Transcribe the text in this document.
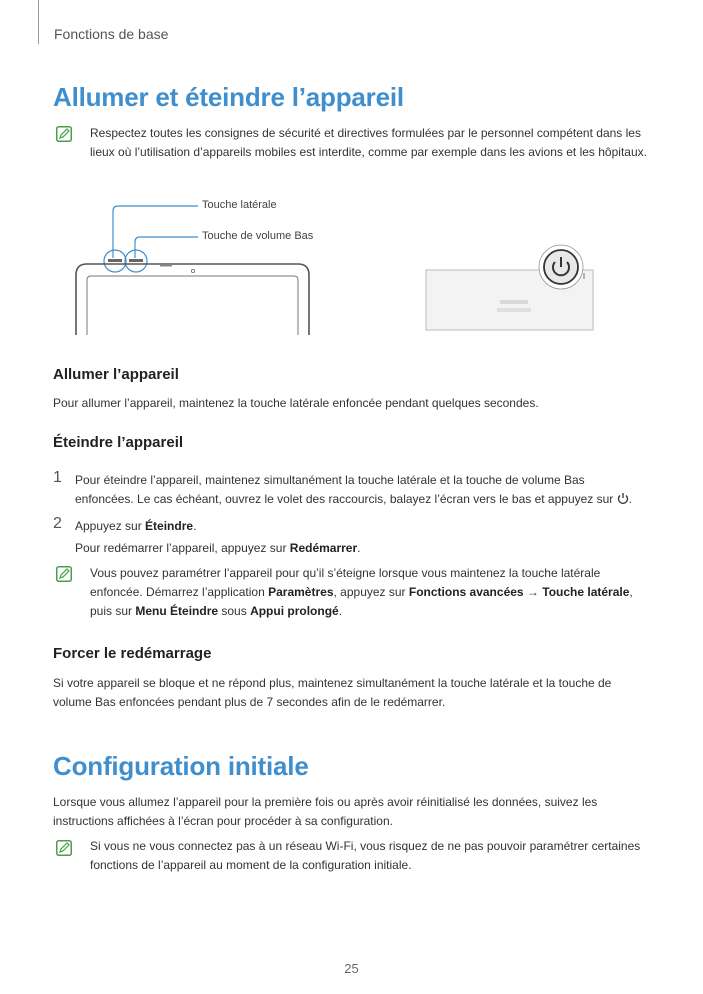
Fonctions de base
Allumer et éteindre l’appareil
Respectez toutes les consignes de sécurité et directives formulées par le personnel compétent dans les lieux où l’utilisation d’appareils mobiles est interdite, comme par exemple dans les avions et les hôpitaux.
Touche latérale
Touche de volume Bas
Allumer l’appareil
Pour allumer l’appareil, maintenez la touche latérale enfoncée pendant quelques secondes.
Éteindre l’appareil
1 Pour éteindre l’appareil, maintenez simultanément la touche latérale et la touche de volume Bas enfoncées. Le cas échéant, ouvrez le volet des raccourcis, balayez l’écran vers le bas et appuyez sur .
2 Appuyez sur Éteindre.
Pour redémarrer l’appareil, appuyez sur Redémarrer.
Vous pouvez paramétrer l’appareil pour qu’il s’éteigne lorsque vous maintenez la touche latérale enfoncée. Démarrez l’application Paramètres, appuyez sur Fonctions avancées → Touche latérale, puis sur Menu Éteindre sous Appui prolongé.
Forcer le redémarrage
Si votre appareil se bloque et ne répond plus, maintenez simultanément la touche latérale et la touche de volume Bas enfoncées pendant plus de 7 secondes afin de le redémarrer.
Configuration initiale
Lorsque vous allumez l’appareil pour la première fois ou après avoir réinitialisé les données, suivez les instructions affichées à l’écran pour procéder à sa configuration.
Si vous ne vous connectez pas à un réseau Wi-Fi, vous risquez de ne pas pouvoir paramétrer certaines fonctions de l’appareil au moment de la configuration initiale.
25
